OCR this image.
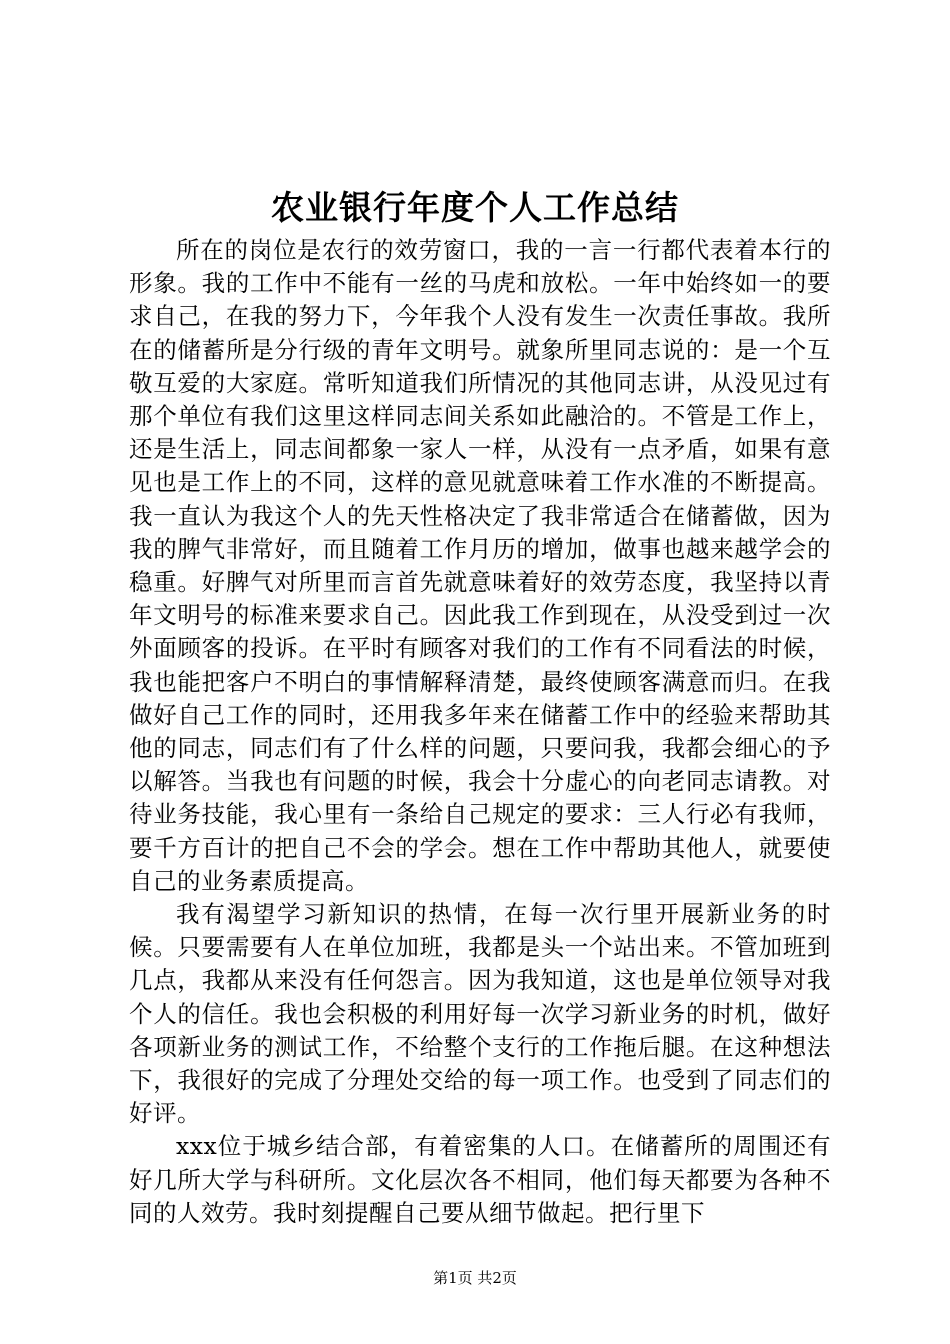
农业银行年度个人工作总结

所在的岗位是农行的效劳窗口，我的一言一行都代表着本行的形象。我的工作中不能有一丝的马虎和放松。一年中始终如一的要求自己，在我的努力下，今年我个人没有发生一次责任事故。我所在的储蓄所是分行级的青年文明号。就象所里同志说的：是一个互敬互爱的大家庭。常听知道我们所情况的其他同志讲，从没见过有那个单位有我们这里这样同志间关系如此融洽的。不管是工作上，还是生活上，同志间都象一家人一样，从没有一点矛盾，如果有意见也是工作上的不同，这样的意见就意味着工作水准的不断提高。我一直认为我这个人的先天性格决定了我非常适合在储蓄做，因为我的脾气非常好，而且随着工作月历的增加，做事也越来越学会的稳重。好脾气对所里而言首先就意味着好的效劳态度，我坚持以青年文明号的标准来要求自己。因此我工作到现在，从没受到过一次外面顾客的投诉。在平时有顾客对我们的工作有不同看法的时候，我也能把客户不明白的事情解释清楚，最终使顾客满意而归。在我做好自己工作的同时，还用我多年来在储蓄工作中的经验来帮助其他的同志，同志们有了什么样的问题，只要问我，我都会细心的予以解答。当我也有问题的时候，我会十分虚心的向老同志请教。对待业务技能，我心里有一条给自己规定的要求：三人行必有我师，要千方百计的把自己不会的学会。想在工作中帮助其他人，就要使自己的业务素质提高。

我有渴望学习新知识的热情，在每一次行里开展新业务的时候。只要需要有人在单位加班，我都是头一个站出来。不管加班到几点，我都从来没有任何怨言。因为我知道，这也是单位领导对我个人的信任。我也会积极的利用好每一次学习新业务的时机，做好各项新业务的测试工作，不给整个支行的工作拖后腿。在这种想法下，我很好的完成了分理处交给的每一项工作。也受到了同志们的好评。

xxx位于城乡结合部，有着密集的人口。在储蓄所的周围还有好几所大学与科研所。文化层次各不相同，他们每天都要为各种不同的人效劳。我时刻提醒自己要从细节做起。把行里下

第1页 共2页
